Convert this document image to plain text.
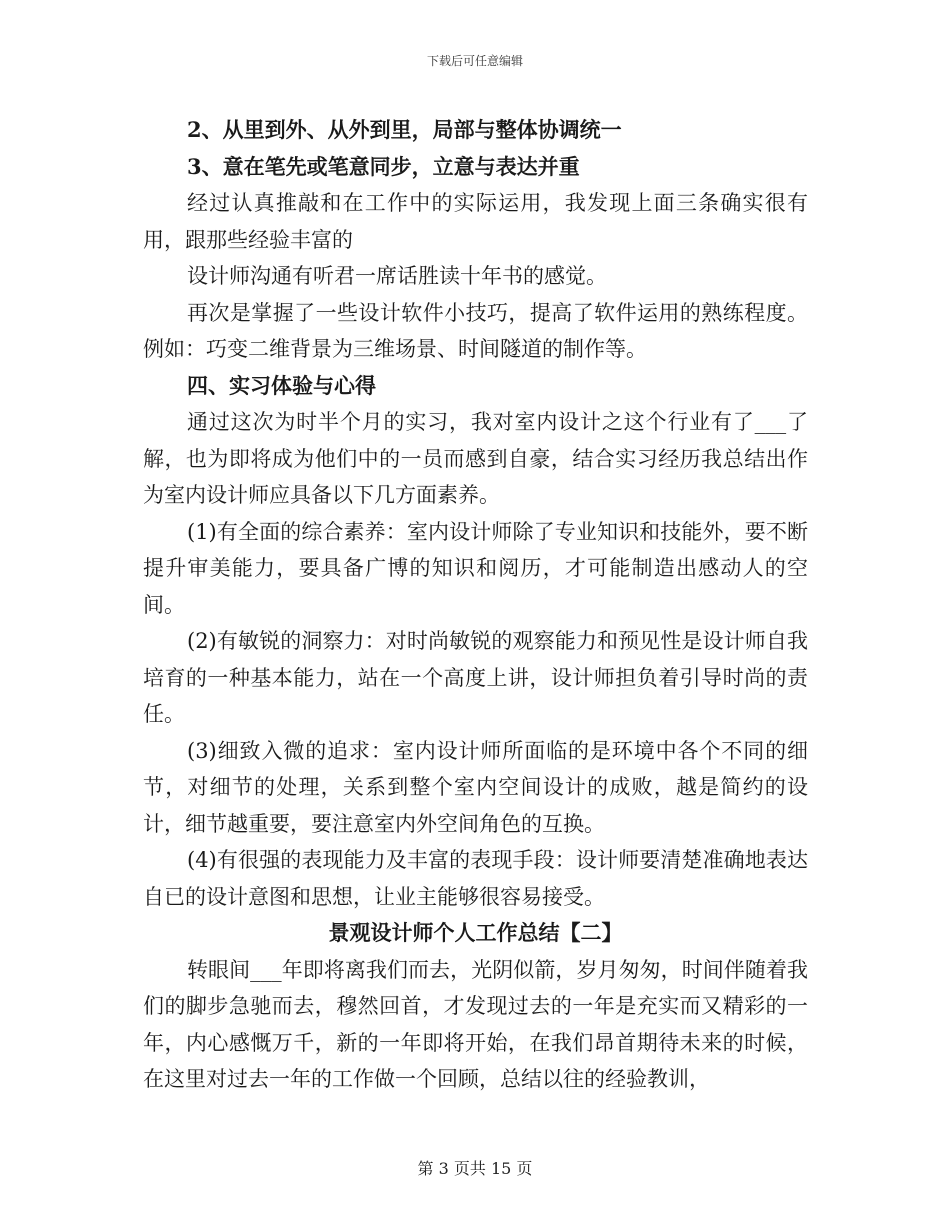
下载后可任意编辑

2、从里到外、从外到里，局部与整体协调统一

3、意在笔先或笔意同步，立意与表达并重

经过认真推敲和在工作中的实际运用，我发现上面三条确实很有用，跟那些经验丰富的

设计师沟通有听君一席话胜读十年书的感觉。

再次是掌握了一些设计软件小技巧，提高了软件运用的熟练程度。例如：巧变二维背景为三维场景、时间隧道的制作等。

四、实习体验与心得

通过这次为时半个月的实习，我对室内设计之这个行业有了___了解，也为即将成为他们中的一员而感到自豪，结合实习经历我总结出作为室内设计师应具备以下几方面素养。

(1)有全面的综合素养：室内设计师除了专业知识和技能外，要不断提升审美能力，要具备广博的知识和阅历，才可能制造出感动人的空间。

(2)有敏锐的洞察力：对时尚敏锐的观察能力和预见性是设计师自我培育的一种基本能力，站在一个高度上讲，设计师担负着引导时尚的责任。

(3)细致入微的追求：室内设计师所面临的是环境中各个不同的细节，对细节的处理，关系到整个室内空间设计的成败，越是简约的设计，细节越重要，要注意室内外空间角色的互换。

(4)有很强的表现能力及丰富的表现手段：设计师要清楚准确地表达自已的设计意图和思想，让业主能够很容易接受。

景观设计师个人工作总结【二】

转眼间___年即将离我们而去，光阴似箭，岁月匆匆，时间伴随着我们的脚步急驰而去，穆然回首，才发现过去的一年是充实而又精彩的一年，内心感慨万千，新的一年即将开始，在我们昂首期待未来的时候，在这里对过去一年的工作做一个回顾，总结以往的经验教训，

第 3 页共 15 页
